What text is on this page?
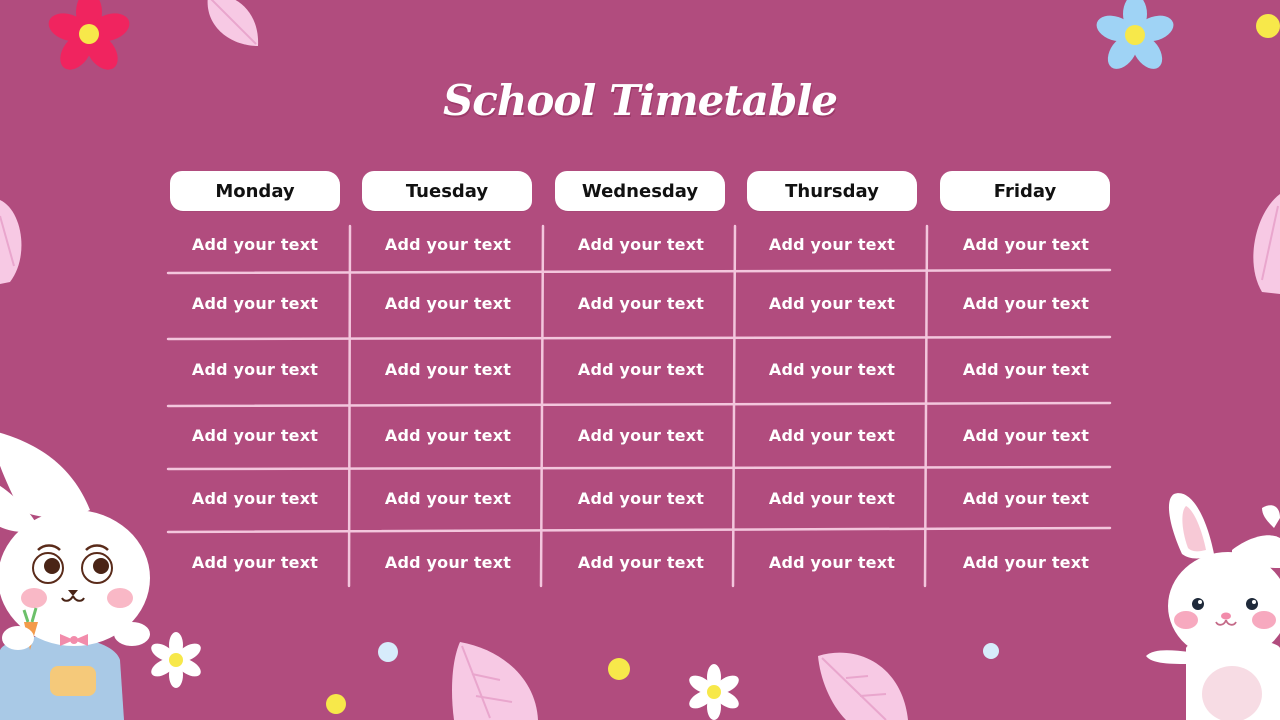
School Timetable
Monday	Tuesday	Wednesday	Thursday	Friday
Add your text	Add your text	Add your text	Add your text	Add your text
Add your text	Add your text	Add your text	Add your text	Add your text
Add your text	Add your text	Add your text	Add your text	Add your text
Add your text	Add your text	Add your text	Add your text	Add your text
Add your text	Add your text	Add your text	Add your text	Add your text
Add your text	Add your text	Add your text	Add your text	Add your text
